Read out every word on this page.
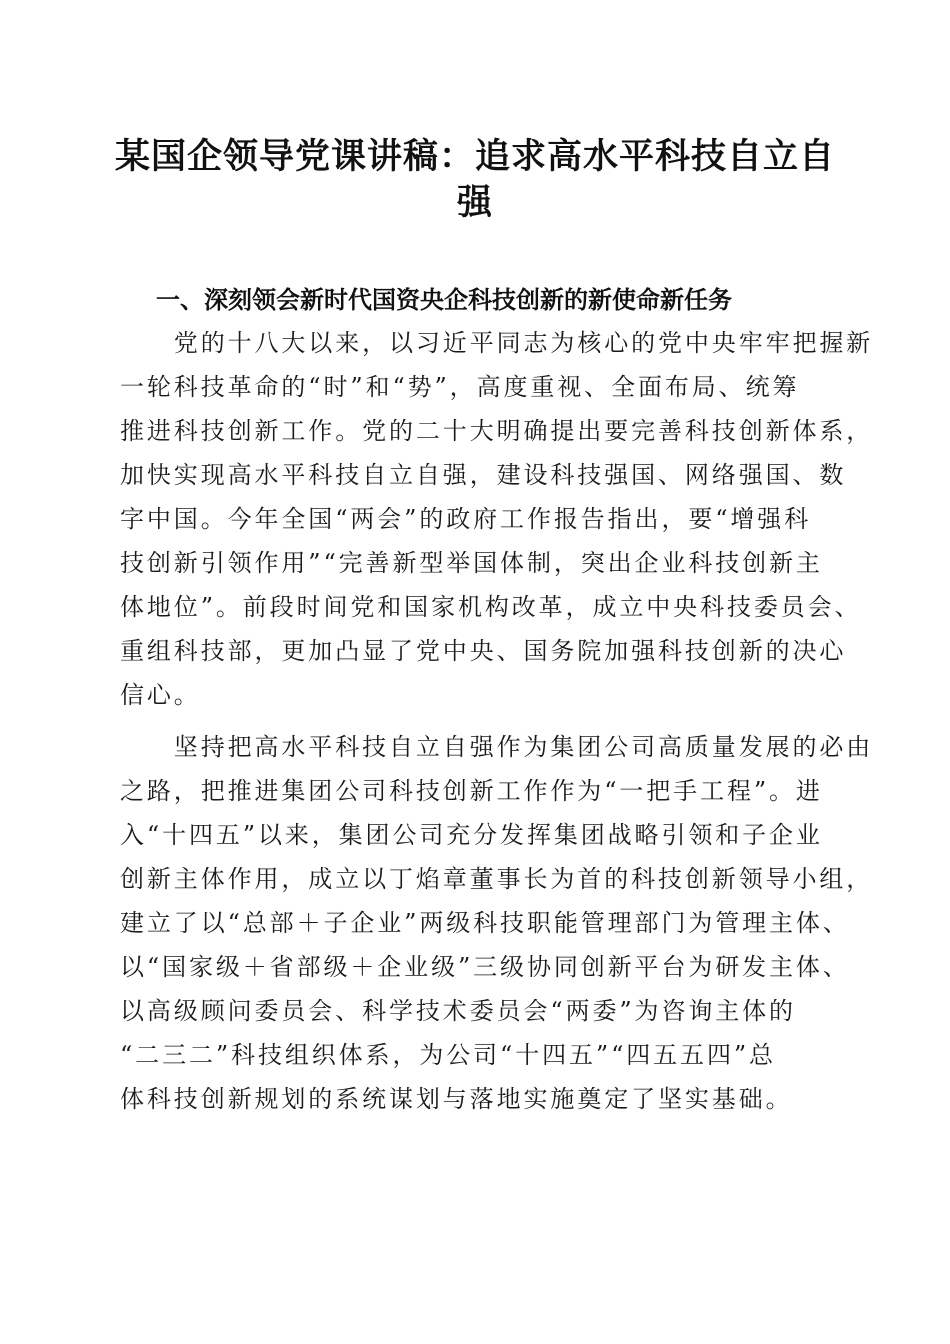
某国企领导党课讲稿：追求高水平科技自立自强
一、深刻领会新时代国资央企科技创新的新使命新任务

　　党的十八大以来，以习近平同志为核心的党中央牢牢把握新
一轮科技革命的“时”和“势”，高度重视、全面布局、统筹
推进科技创新工作。党的二十大明确提出要完善科技创新体系，
加快实现高水平科技自立自强，建设科技强国、网络强国、数
字中国。今年全国“两会”的政府工作报告指出，要“增强科
技创新引领作用”“完善新型举国体制，突出企业科技创新主
体地位”。前段时间党和国家机构改革，成立中央科技委员会、
重组科技部，更加凸显了党中央、国务院加强科技创新的决心
信心。

　　坚持把高水平科技自立自强作为集团公司高质量发展的必由
之路，把推进集团公司科技创新工作作为“一把手工程”。进
入“十四五”以来，集团公司充分发挥集团战略引领和子企业
创新主体作用，成立以丁焰章董事长为首的科技创新领导小组，
建立了以“总部＋子企业”两级科技职能管理部门为管理主体、
以“国家级＋省部级＋企业级”三级协同创新平台为研发主体、
以高级顾问委员会、科学技术委员会“两委”为咨询主体的
“二三二”科技组织体系，为公司“十四五”“四五五四”总
体科技创新规划的系统谋划与落地实施奠定了坚实基础。
